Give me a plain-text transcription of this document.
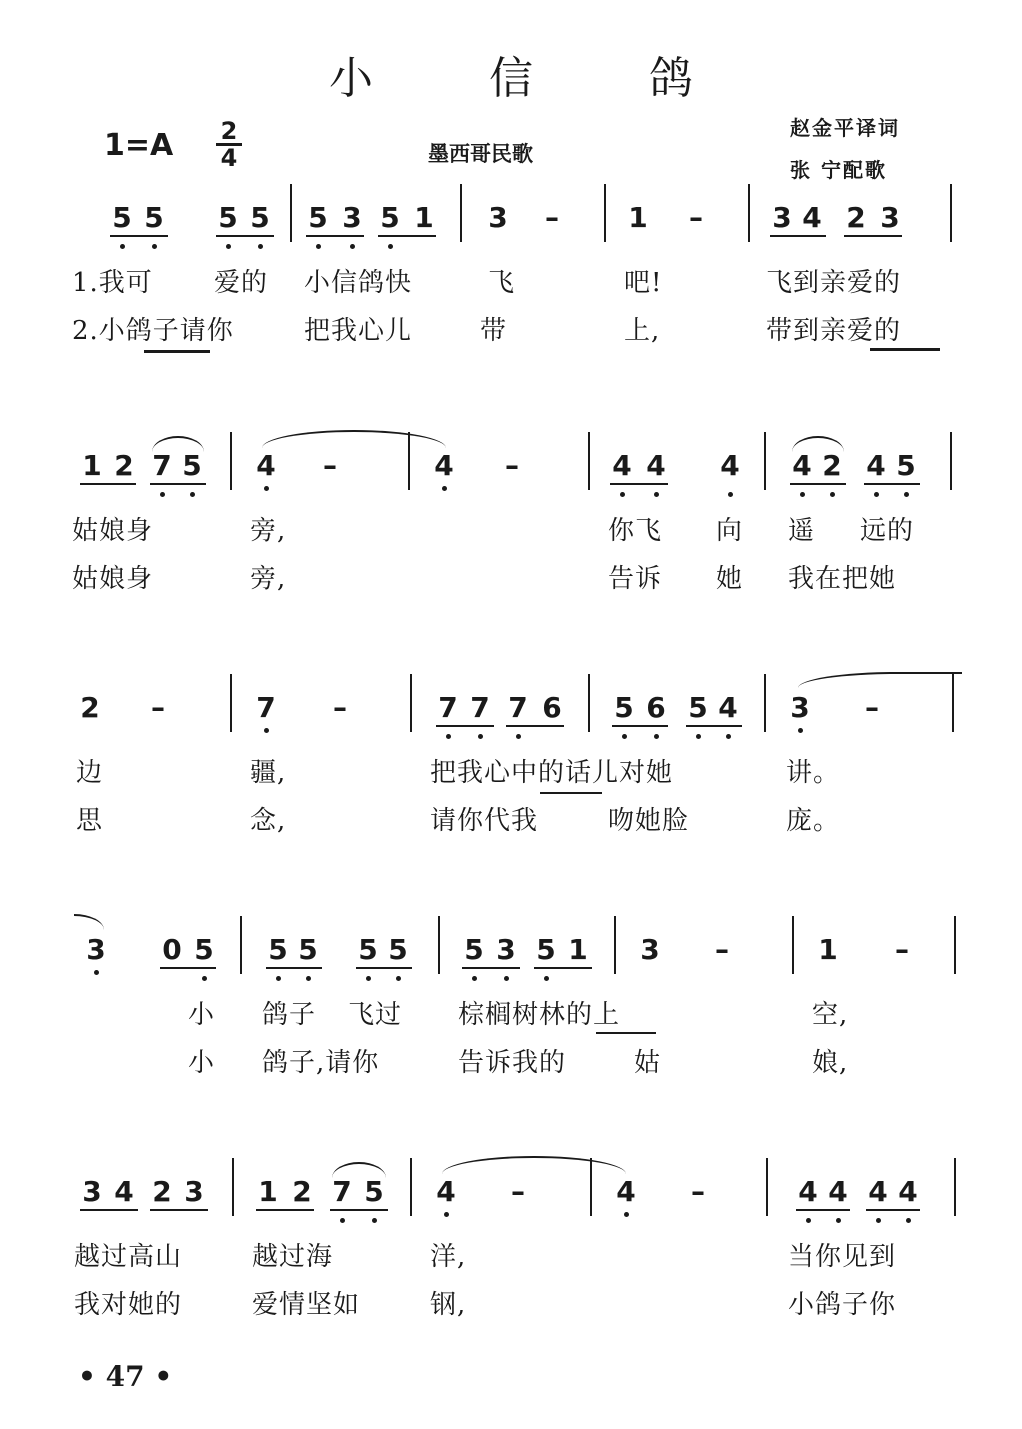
小	信	鸽
1=A 2
4	墨西哥民歌
赵金平译词
张 宁配歌
5 5 5 5 5 3 5 1 3 – 1 – 3 4 2 3
1.我可 爱的 小信鸽快	飞	吧!	飞到亲爱的
2.小鸽子请你	把我心儿	带	上,	带到亲爱的
1 2 7 5 4 –	4 –	4 4 4 4 2 4 5
姑娘身	旁,	你飞 向 遥 远的
姑娘身	旁,	告诉 她 我在把她
2 –	7 –	7 7 7 6 5 6 5 4 3 –
边	疆,	把我心中的话儿对她	讲。
思	念,	请你代我	吻她脸	庞。
3 0 5 5 5 5 5 5 3 5 1 3 –	1 –
小 鸽子 飞过 棕榈树林的上	空,
小 鸽子,请你	告诉我的	姑	娘,
3 4 2 3 1 2 7 5 4 –	4 –	4 4 4 4
越过高山	越过海	洋,	当你见到
我对她的	爱情坚如	钢,	小鸽子你
• 47 •
